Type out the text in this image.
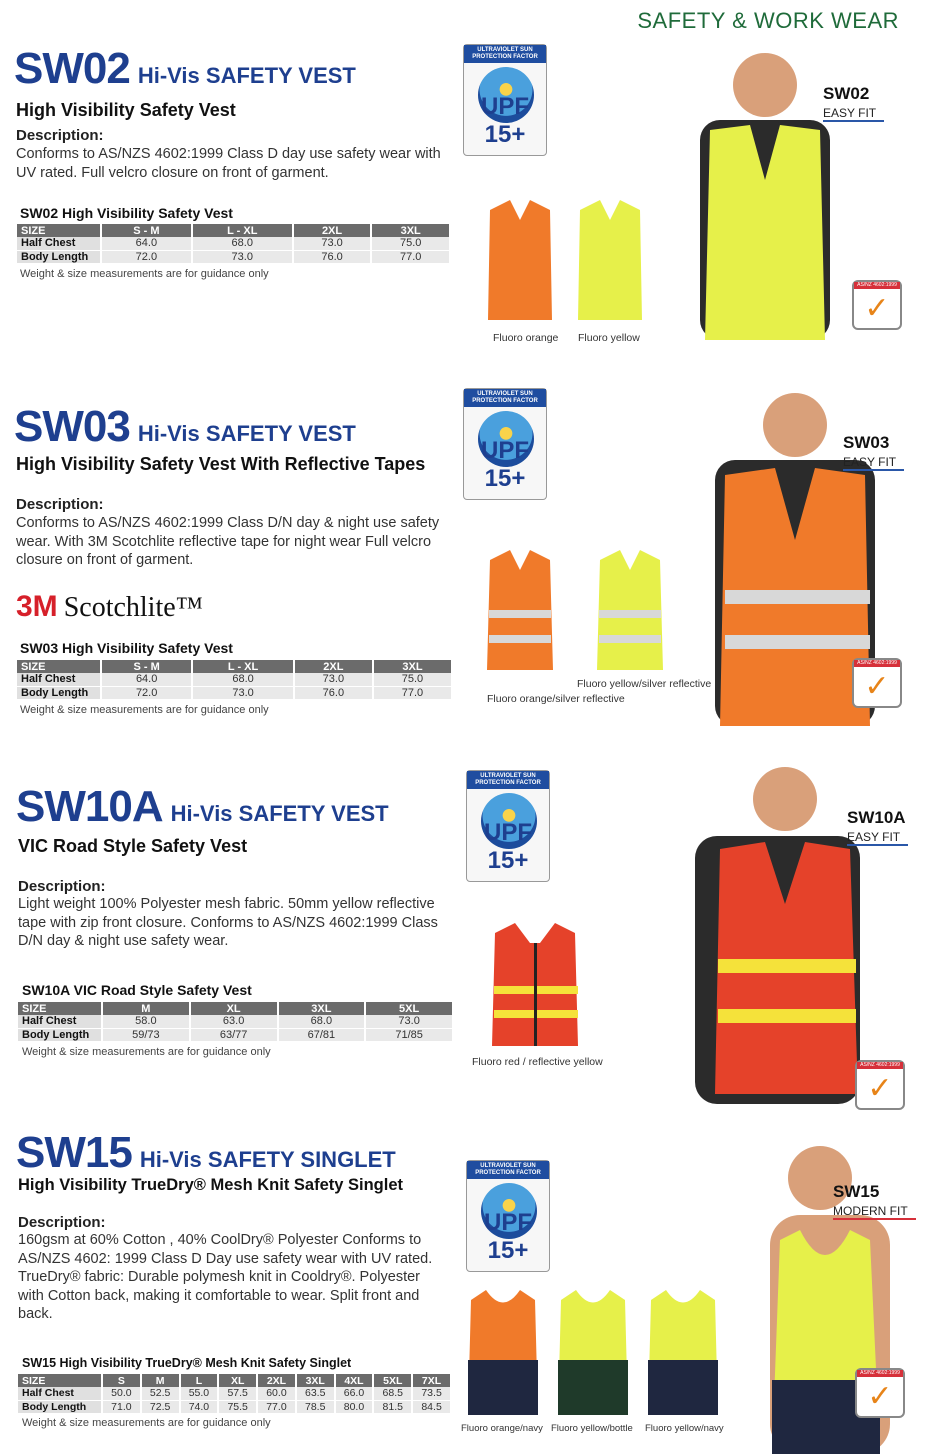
SAFETY & WORK WEAR
SW02 Hi-Vis SAFETY VEST
High Visibility Safety Vest
Description:
Conforms to AS/NZS 4602:1999 Class D day use safety wear with UV rated. Full velcro closure on front of garment.
SW02 High Visibility Safety Vest
SIZE	S - M	L - XL	2XL	3XL
Half Chest	64.0	68.0	73.0	75.0
Body Length	72.0	73.0	76.0	77.0
Weight & size measurements are for guidance only
ULTRAVIOLET SUN PROTECTION FACTOR
UPF 15+
Fluoro orange Fluoro yellow
SW02
EASY FIT
AS/NZ 4602:1999
✓
SW03 Hi-Vis SAFETY VEST
High Visibility Safety Vest With Reflective Tapes
Description:
Conforms to AS/NZS 4602:1999 Class D/N day & night use safety wear. With 3M Scotchlite reflective tape for night wear Full velcro closure on front of garment.
3M Scotchlite™
SW03 High Visibility Safety Vest
SIZE	S - M	L - XL	2XL	3XL
Half Chest	64.0	68.0	73.0	75.0
Body Length	72.0	73.0	76.0	77.0
Weight & size measurements are for guidance only
ULTRAVIOLET SUN PROTECTION FACTOR
UPF 15+
Fluoro yellow/silver reflective
Fluoro orange/silver reflective
SW03
EASY FIT
AS/NZ 4602:1999
✓
SW10A Hi-Vis SAFETY VEST
VIC Road Style Safety Vest
Description:
Light weight 100% Polyester mesh fabric. 50mm yellow reflective tape with zip front closure. Conforms to AS/NZS 4602:1999 Class D/N day & night use safety wear.
SW10A VIC Road Style Safety Vest
SIZE	M	XL	3XL	5XL
Half Chest	58.0	63.0	68.0	73.0
Body Length	59/73	63/77	67/81	71/85
Weight & size measurements are for guidance only
ULTRAVIOLET SUN PROTECTION FACTOR
UPF 15+
Fluoro red / reflective yellow
SW10A
EASY FIT
AS/NZ 4602:1999
✓
SW15 Hi-Vis SAFETY SINGLET
High Visibility TrueDry® Mesh Knit Safety Singlet
Description:
160gsm at 60% Cotton , 40% CoolDry® Polyester Conforms to AS/NZS 4602: 1999 Class D Day use safety wear with UV rated. TrueDry® fabric: Durable polymesh knit in Cooldry®. Polyester with Cotton back, making it comfortable to wear. Split front and back.
SW15 High Visibility TrueDry® Mesh Knit Safety Singlet
SIZE	S	M	L	XL	2XL	3XL	4XL	5XL	7XL
Half Chest	50.0	52.5	55.0	57.5	60.0	63.5	66.0	68.5	73.5
Body Length	71.0	72.5	74.0	75.5	77.0	78.5	80.0	81.5	84.5
Weight & size measurements are for guidance only
ULTRAVIOLET SUN PROTECTION FACTOR
UPF 15+
Fluoro orange/navy Fluoro yellow/bottle Fluoro yellow/navy
SW15
MODERN FIT
AS/NZ 4602:1999
✓
